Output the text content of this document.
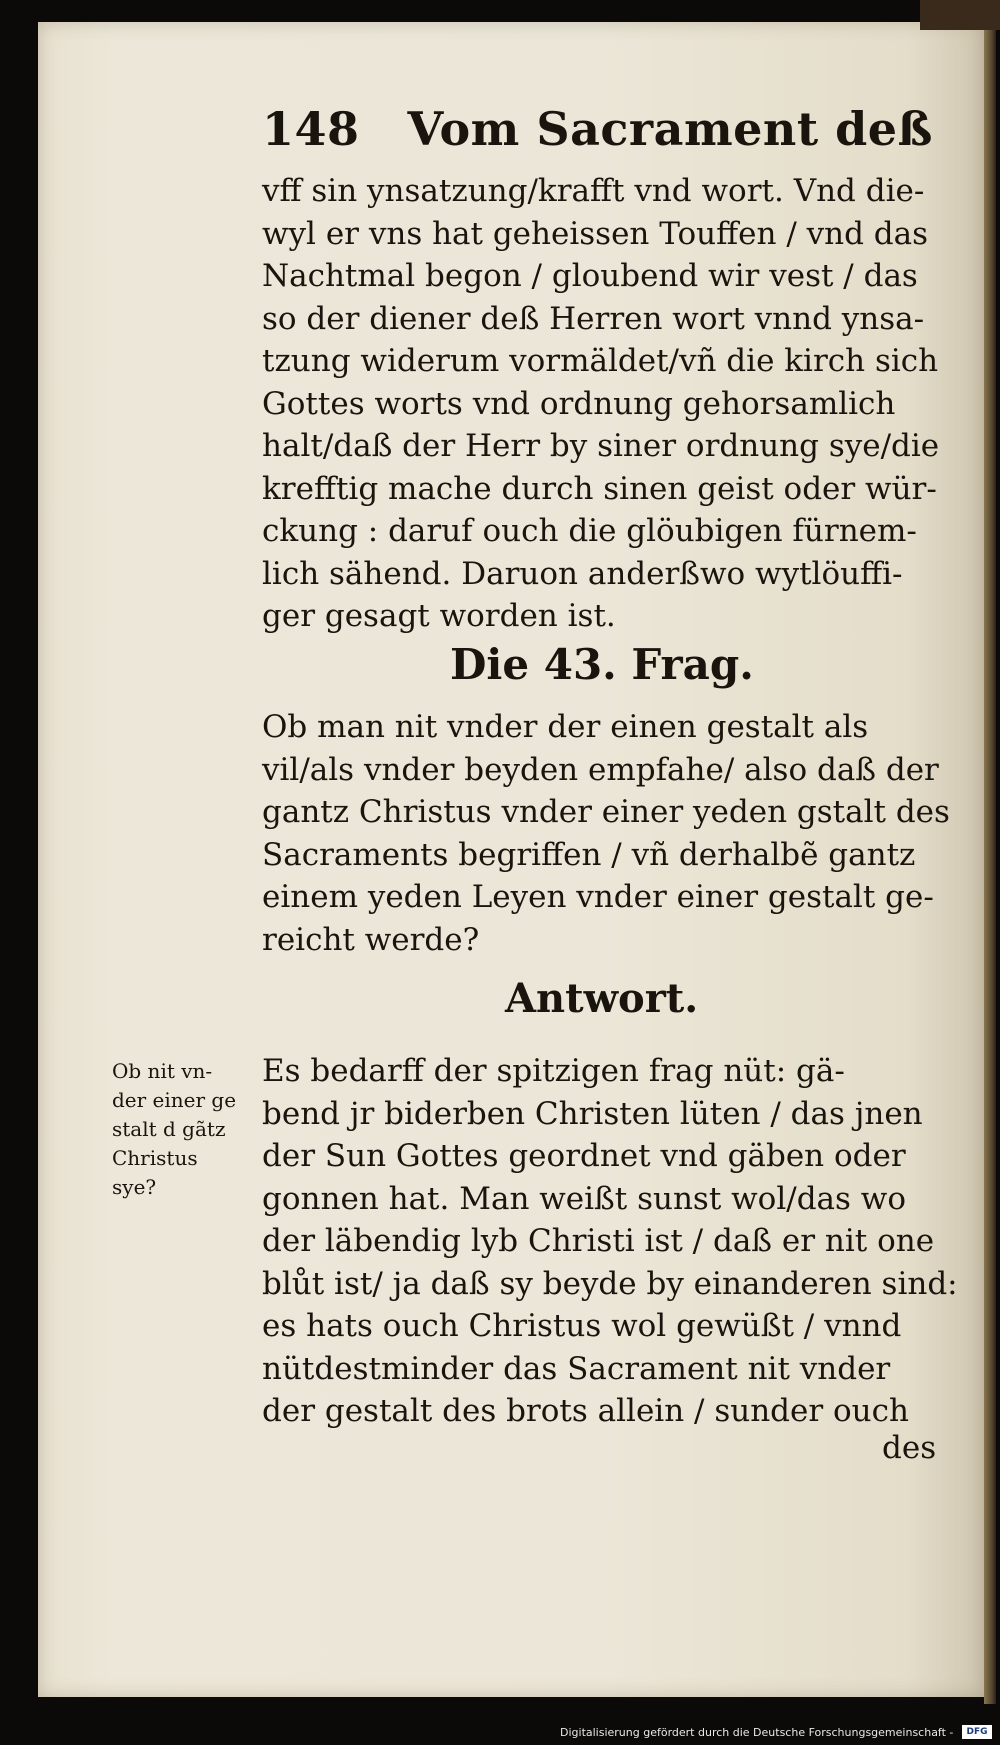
148 Vom Sacrament deß
vff sin ynsatzung/krafft vnd wort. Vnd die-
wyl er vns hat geheissen Touffen / vnd das
Nachtmal begon / gloubend wir vest / das
so der diener deß Herren wort vnnd ynsa-
tzung widerum vormäldet/vñ die kirch sich
Gottes worts vnd ordnung gehorsamlich
halt/daß der Herr by siner ordnung sye/die
krefftig mache durch sinen geist oder wür-
ckung : daruf ouch die glöubigen fürnem-
lich sähend. Daruon anderßwo wytlöuffi-
ger gesagt worden ist.
Die 43. Frag.
Ob man nit vnder der einen gestalt als
vil/als vnder beyden empfahe/ also daß der
gantz Christus vnder einer yeden gstalt des
Sacraments begriffen / vñ derhalbẽ gantz
einem yeden Leyen vnder einer gestalt ge-
reicht werde?
Antwort.
Ob nit vn-
der einer ge
stalt d gãtz
Christus
sye?
Es bedarff der spitzigen frag nüt: gä-
bend jr biderben Christen lüten / das jnen
der Sun Gottes geordnet vnd gäben oder
gonnen hat. Man weißt sunst wol/das wo
der läbendig lyb Christi ist / daß er nit one
blůt ist/ ja daß sy beyde by einanderen sind:
es hats ouch Christus wol gewüßt / vnnd
nütdestminder das Sacrament nit vnder
der gestalt des brots allein / sunder ouch
des
Digitalisierung gefördert durch die Deutsche Forschungsgemeinschaft -	DFG
